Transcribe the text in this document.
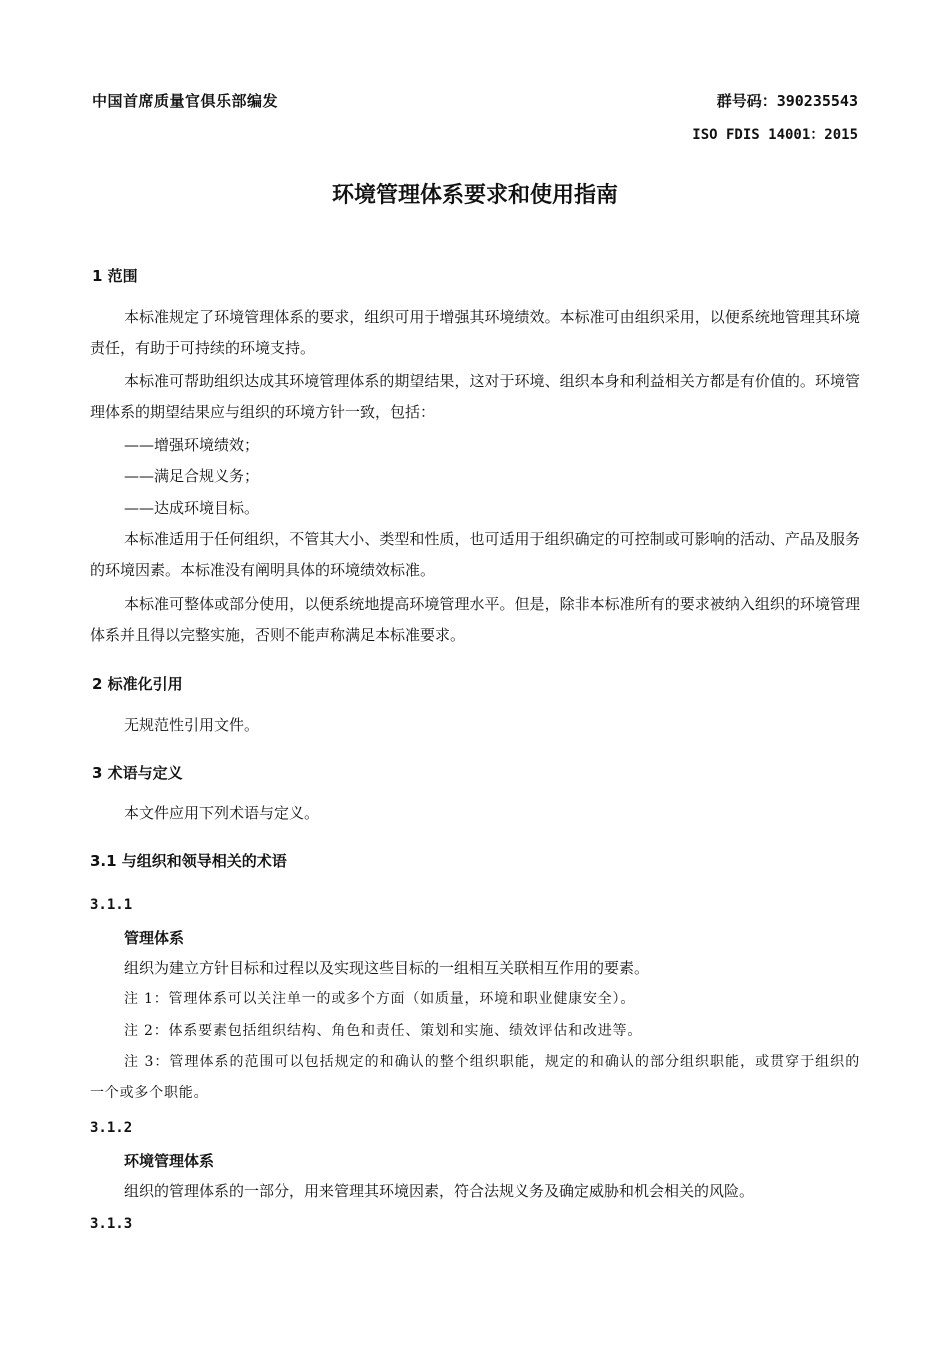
中国首席质量官俱乐部编发	群号码：390235543
ISO FDIS 14001：2015
环境管理体系要求和使用指南
1 范围
本标准规定了环境管理体系的要求，组织可用于增强其环境绩效。本标准可由组织采用，以便系统地管理其环境责任，有助于可持续的环境支持。
本标准可帮助组织达成其环境管理体系的期望结果，这对于环境、组织本身和利益相关方都是有价值的。环境管理体系的期望结果应与组织的环境方针一致，包括：
——增强环境绩效；
——满足合规义务；
——达成环境目标。
本标准适用于任何组织，不管其大小、类型和性质，也可适用于组织确定的可控制或可影响的活动、产品及服务的环境因素。本标准没有阐明具体的环境绩效标准。
本标准可整体或部分使用，以便系统地提高环境管理水平。但是，除非本标准所有的要求被纳入组织的环境管理体系并且得以完整实施，否则不能声称满足本标准要求。
2 标准化引用
无规范性引用文件。
3 术语与定义
本文件应用下列术语与定义。
3.1 与组织和领导相关的术语
3.1.1
管理体系
组织为建立方针目标和过程以及实现这些目标的一组相互关联相互作用的要素。
注 1：管理体系可以关注单一的或多个方面（如质量，环境和职业健康安全）。
注 2：体系要素包括组织结构、角色和责任、策划和实施、绩效评估和改进等。
注 3：管理体系的范围可以包括规定的和确认的整个组织职能，规定的和确认的部分组织职能，或贯穿于组织的一个或多个职能。
3.1.2
环境管理体系
组织的管理体系的一部分，用来管理其环境因素，符合法规义务及确定威胁和机会相关的风险。
3.1.3
